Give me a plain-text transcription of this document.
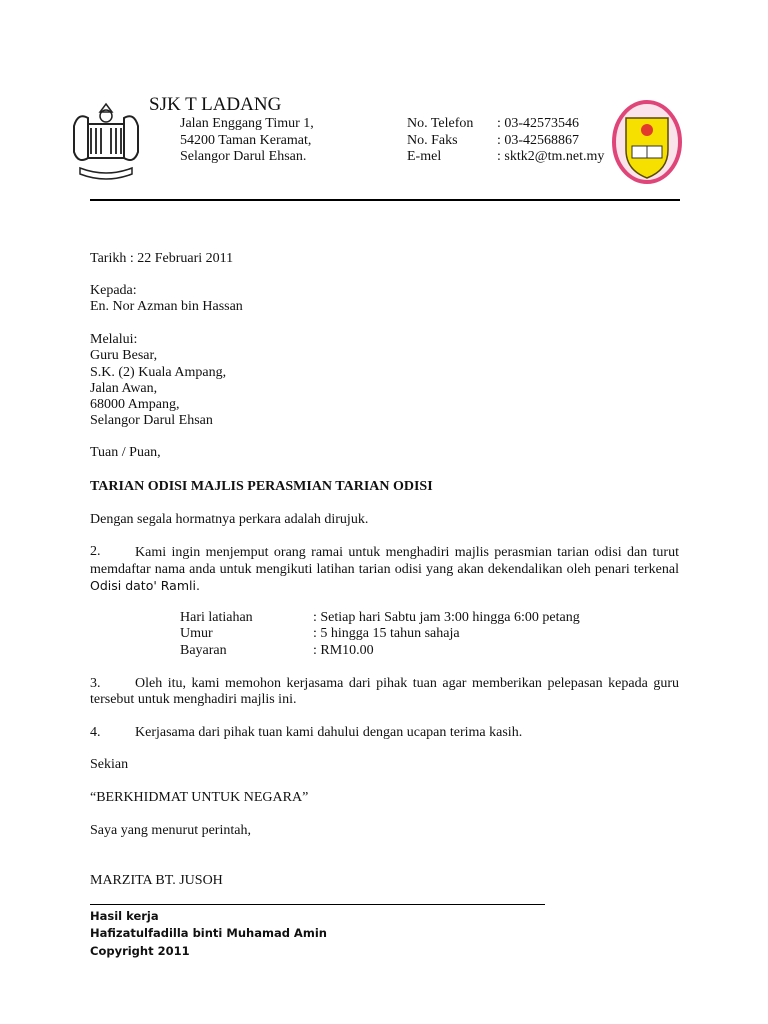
SJK T LADANG
Jalan Enggang Timur 1,
54200 Taman Keramat,
Selangor Darul Ehsan.
No. Telefon : 03-42573546
No. Faks	: 03-42568867
E-mel	: sktk2@tm.net.my
Tarikh : 22 Februari 2011
Kepada:
En. Nor Azman bin Hassan
Melalui:
Guru Besar,
S.K. (2) Kuala Ampang,
Jalan Awan,
68000 Ampang,
Selangor Darul Ehsan
Tuan / Puan,
TARIAN ODISI MAJLIS PERASMIAN TARIAN ODISI
Dengan segala hormatnya perkara adalah dirujuk.
2.	Kami ingin menjemput orang ramai untuk menghadiri majlis perasmian tarian odisi dan turut memdaftar nama anda untuk mengikuti latihan tarian odisi yang akan dekendalikan oleh penari terkenal
Odisi dato' Ramli.
Hari latiahan	: Setiap hari Sabtu jam 3:00 hingga 6:00 petang
Umur	: 5 hingga 15 tahun sahaja
Bayaran	: RM10.00
3.	Oleh itu, kami memohon kerjasama dari pihak tuan agar memberikan pelepasan kepada guru tersebut untuk menghadiri majlis ini.
4. Kerjasama dari pihak tuan kami dahului dengan ucapan terima kasih.
Sekian
“BERKHIDMAT UNTUK NEGARA”
Saya yang menurut perintah,
MARZITA BT. JUSOH
Hasil kerja
Hafizatulfadilla binti Muhamad Amin
Copyright 2011
